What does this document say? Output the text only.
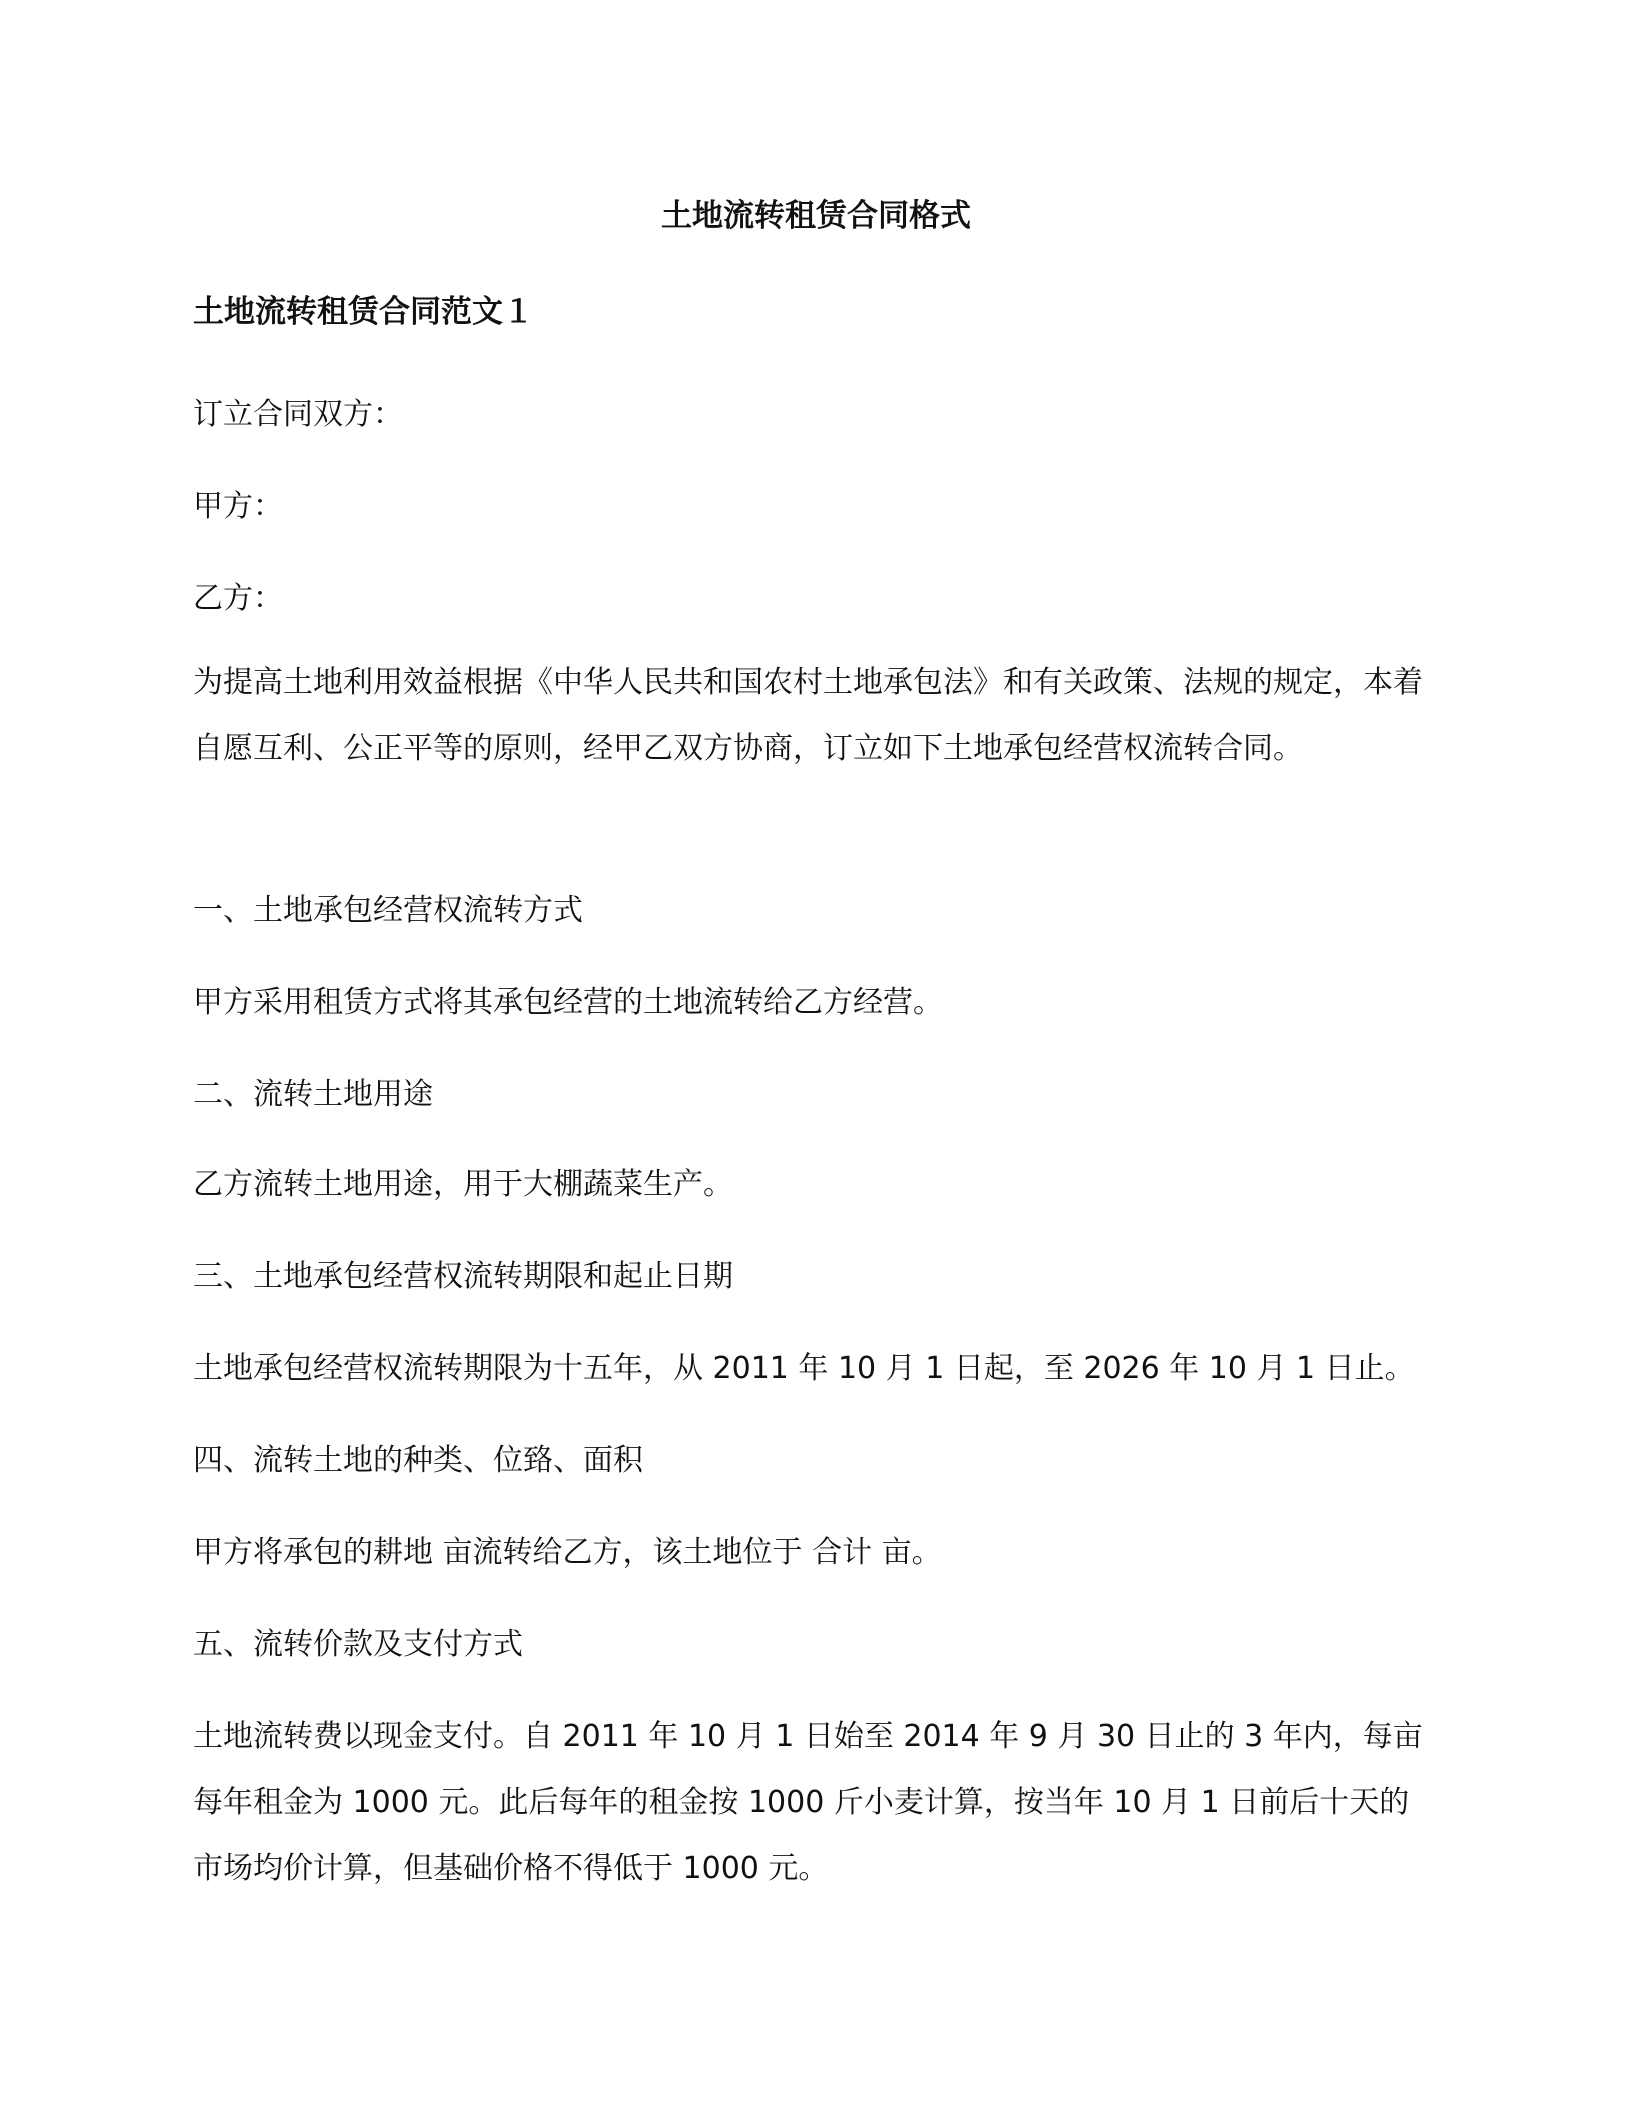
土地流转租赁合同格式
土地流转租赁合同范文１
订立合同双方：
甲方：
乙方：
为提高土地利用效益根据《中华人民共和国农村土地承包法》和有关政策、法规的规定，本着自愿互利、公正平等的原则，经甲乙双方协商，订立如下土地承包经营权流转合同。
一、土地承包经营权流转方式
甲方采用租赁方式将其承包经营的土地流转给乙方经营。
二、流转土地用途
乙方流转土地用途，用于大棚蔬菜生产。
三、土地承包经营权流转期限和起止日期
土地承包经营权流转期限为十五年，从 2011 年 10 月 1 日起，至 2026 年 10 月 1 日止。
四、流转土地的种类、位臵、面积
甲方将承包的耕地 亩流转给乙方，该土地位于 合计 亩。
五、流转价款及支付方式
土地流转费以现金支付。自 2011 年 10 月 1 日始至 2014 年 9 月 30 日止的 3 年内，每亩每年租金为 1000 元。此后每年的租金按 1000 斤小麦计算，按当年 10 月 1 日前后十天的市场均价计算，但基础价格不得低于 1000 元。
